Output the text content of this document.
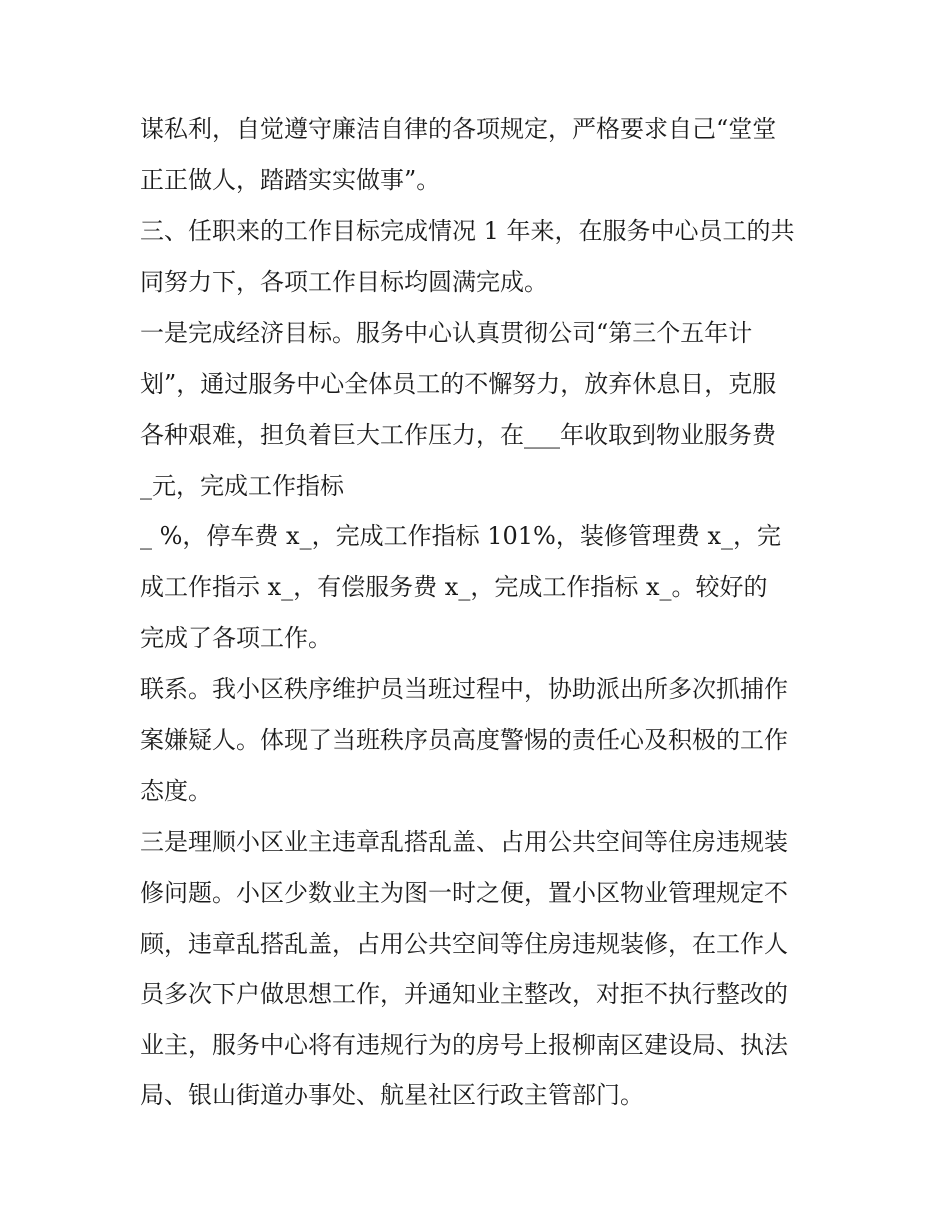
谋私利，自觉遵守廉洁自律的各项规定，严格要求自己“堂堂
正正做人，踏踏实实做事”。
三、任职来的工作目标完成情况 1 年来，在服务中心员工的共
同努力下，各项工作目标均圆满完成。
一是完成经济目标。服务中心认真贯彻公司“第三个五年计
划”，通过服务中心全体员工的不懈努力，放弃休息日，克服
各种艰难，担负着巨大工作压力，在___年收取到物业服务费
_元，完成工作指标
_ %，停车费 x_，完成工作指标 101%，装修管理费 x_，完
成工作指示 x_，有偿服务费 x_，完成工作指标 x_。较好的
完成了各项工作。
联系。我小区秩序维护员当班过程中，协助派出所多次抓捕作
案嫌疑人。体现了当班秩序员高度警惕的责任心及积极的工作
态度。
三是理顺小区业主违章乱搭乱盖、占用公共空间等住房违规装
修问题。小区少数业主为图一时之便，置小区物业管理规定不
顾，违章乱搭乱盖，占用公共空间等住房违规装修，在工作人
员多次下户做思想工作，并通知业主整改，对拒不执行整改的
业主，服务中心将有违规行为的房号上报柳南区建设局、执法
局、银山街道办事处、航星社区行政主管部门。
